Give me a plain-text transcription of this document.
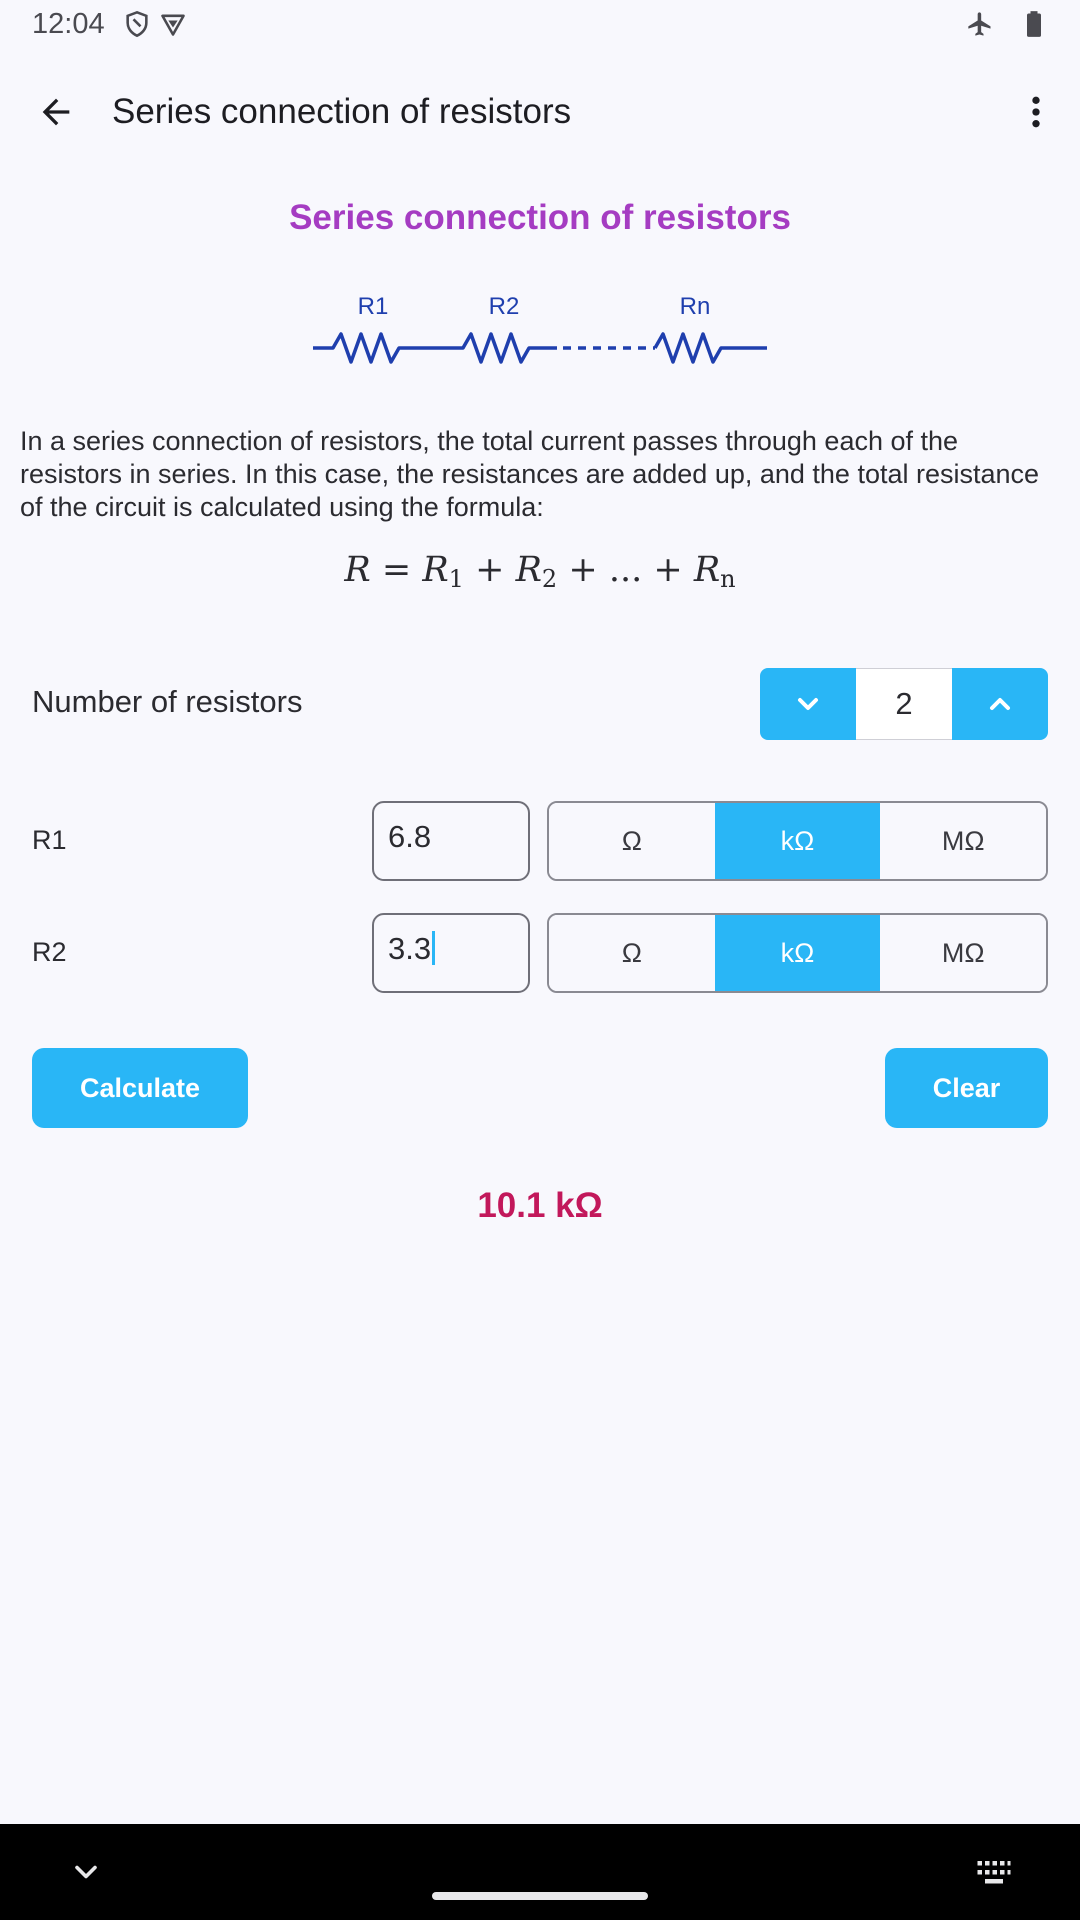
12:04
Series connection of resistors
Series connection of resistors
R1	R2	Rn
In a series connection of resistors, the total current passes through each of the resistors in series. In this case, the resistances are added up, and the total resistance of the circuit is calculated using the formula:
$R = R_1 + R_2$ + ... + $R_n$
Number of resistors	2
R1	6.8	Ω	kΩ	MΩ
R2	3.3	Ω	kΩ	MΩ
Calculate	Clear
10.1 kΩ
